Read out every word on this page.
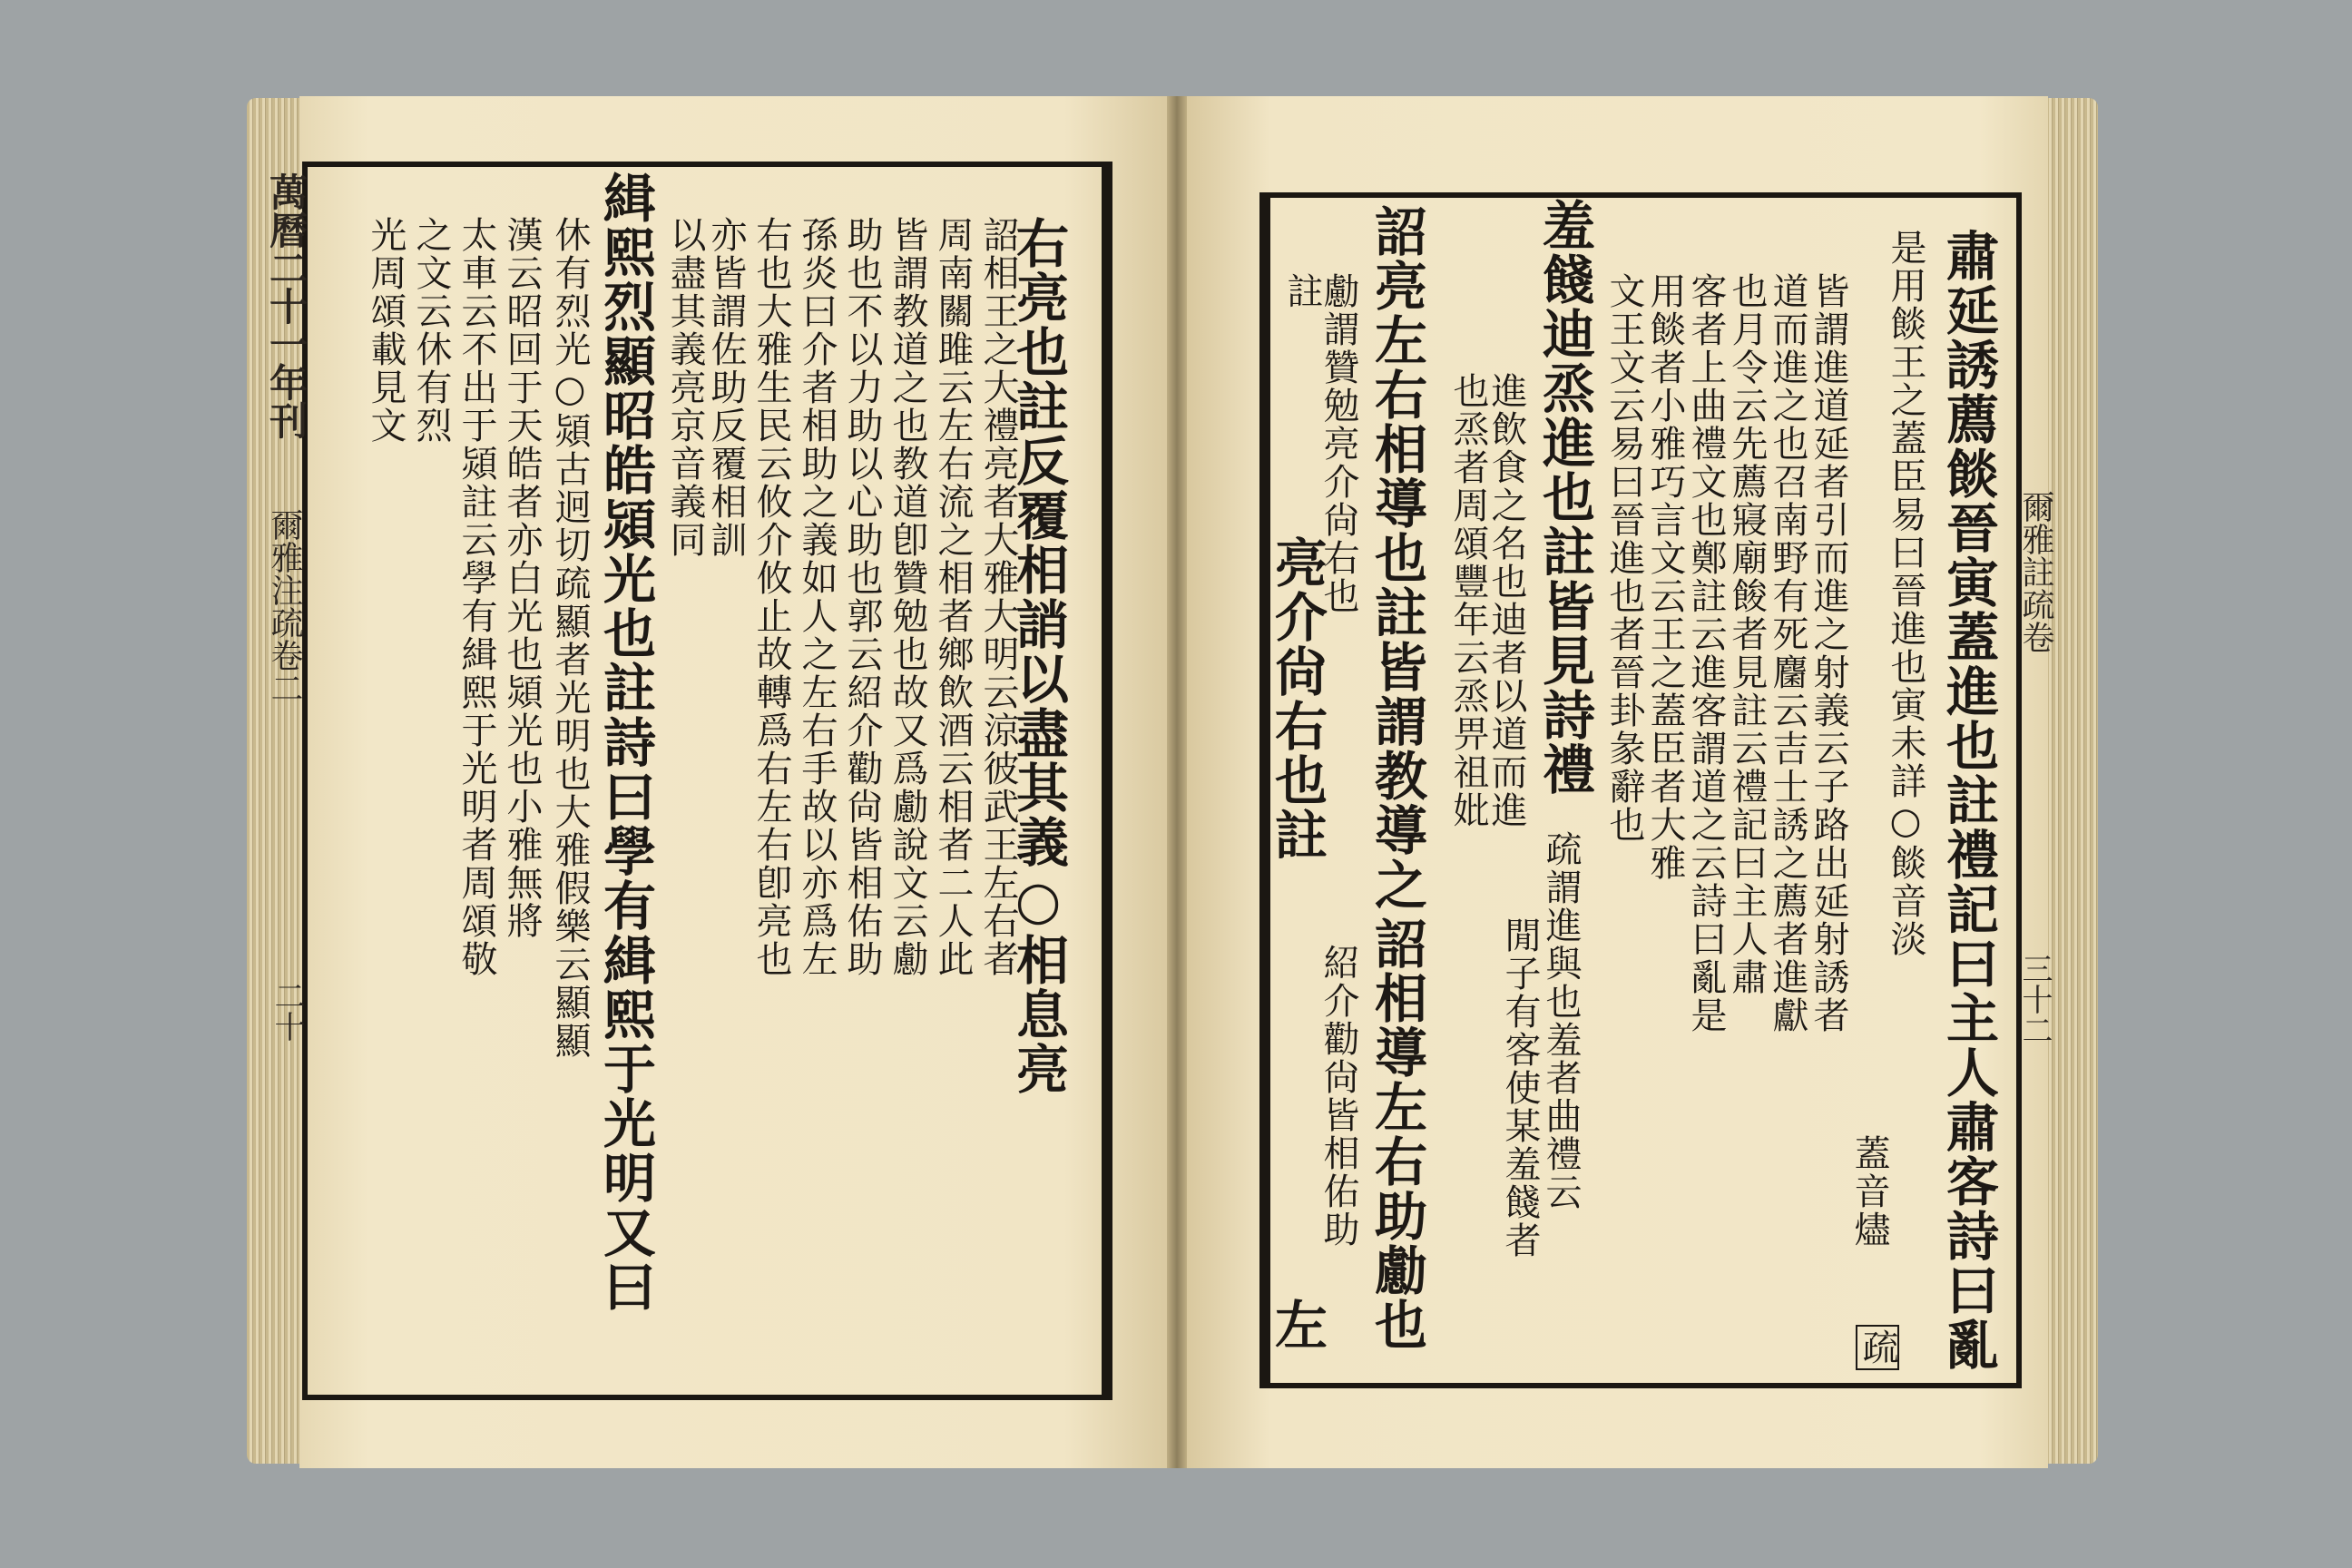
萬曆二十一年刊
爾雅注疏卷二
二十	右亮也註反覆相誚以盡其義○相息亮
詔相王之大禮亮者大雅大明云涼彼武王左右者
周南關雎云左右流之相者鄉飲酒云相者二人此
皆謂教道之也教道卽贊勉也故又爲勴說文云勴
助也不以力助以心助也郭云紹介勸尙皆相佑助
孫炎曰介者相助之義如人之左右手故以亦爲左
右也大雅生民云攸介攸止故轉爲右左右卽亮也
亦皆謂佐助反覆相訓
以盡其義亮京音義同
緝熙烈顯昭皓熲光也註詩曰學有緝熙于光明又曰
休有烈光○熲古迥切疏顯者光明也大雅假樂云顯顯
漢云昭回于天皓者亦白光也熲光也小雅無將
太車云不出于熲註云學有緝熙于光明者周頌敬
之文云休有烈
光周頌載見文
爾雅註疏卷
三十二
肅延誘薦餤晉寅蓋進也註禮記曰主人肅客詩曰亂
是用餤王之蓋臣易曰晉進也寅未詳○餤音淡
蓋音燼
疏
皆謂進道延者引而進之射義云子路出延射誘者
道而進之也召南野有死麕云吉士誘之薦者進獻
也月令云先薦寢廟餕者見註云禮記曰主人肅
客者上曲禮文也鄭註云進客謂道之云詩曰亂是
用餤者小雅巧言文云王之蓋臣者大雅
文王文云易曰晉進也者晉卦彖辭也
羞餞迪烝進也註皆見詩禮
進飲食之名也迪者以道而進
也烝者周頌豐年云烝畀祖妣
疏謂進與也羞者曲禮云
閒子有客使某羞餞者
詔亮左右相導也註皆謂教導之
勴謂贊勉亮介尙右也
紹介勸尙皆相佑助 詔相導左右助勴也
註
亮介尙右也註
左
